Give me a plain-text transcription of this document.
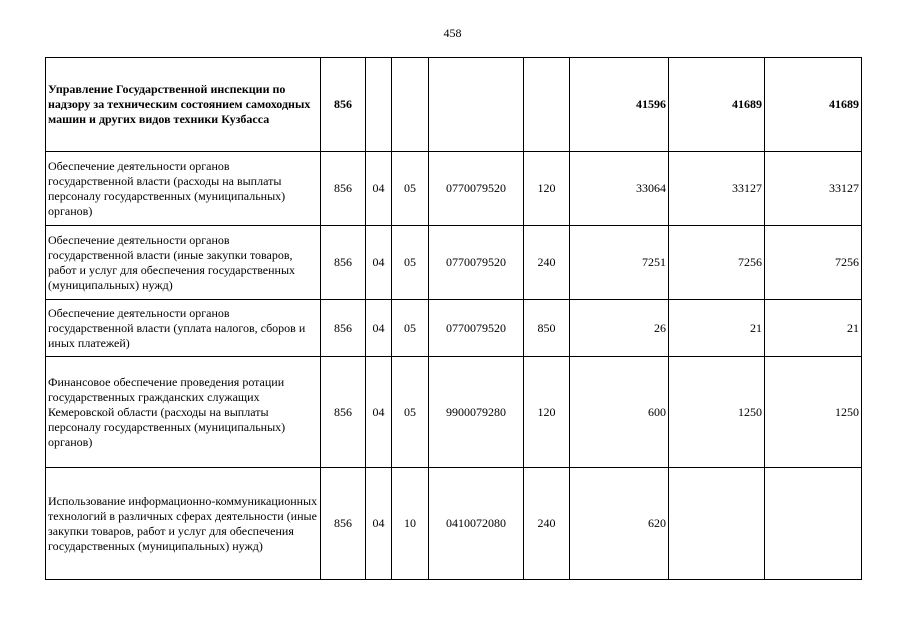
458
Управление Государственной инспекции по надзору за техническим состоянием самоходных машин и других видов техники Кузбасса	856					41596	41689	41689
Обеспечение деятельности органов государственной власти (расходы на выплаты персоналу государственных (муниципальных) органов)	856	04	05	0770079520	120	33064	33127	33127
Обеспечение деятельности органов государственной власти (иные закупки товаров, работ и услуг для обеспечения государственных (муниципальных) нужд)	856	04	05	0770079520	240	7251	7256	7256
Обеспечение деятельности органов государственной власти (уплата налогов, сборов и иных платежей)	856	04	05	0770079520	850	26	21	21
Финансовое обеспечение проведения ротации государственных гражданских служащих Кемеровской области (расходы на выплаты персоналу государственных (муниципальных) органов)	856	04	05	9900079280	120	600	1250	1250
Использование информационно-коммуникационных технологий в различных сферах деятельности (иные закупки товаров, работ и услуг для обеспечения государственных (муниципальных) нужд)	856	04	10	0410072080	240	620		
